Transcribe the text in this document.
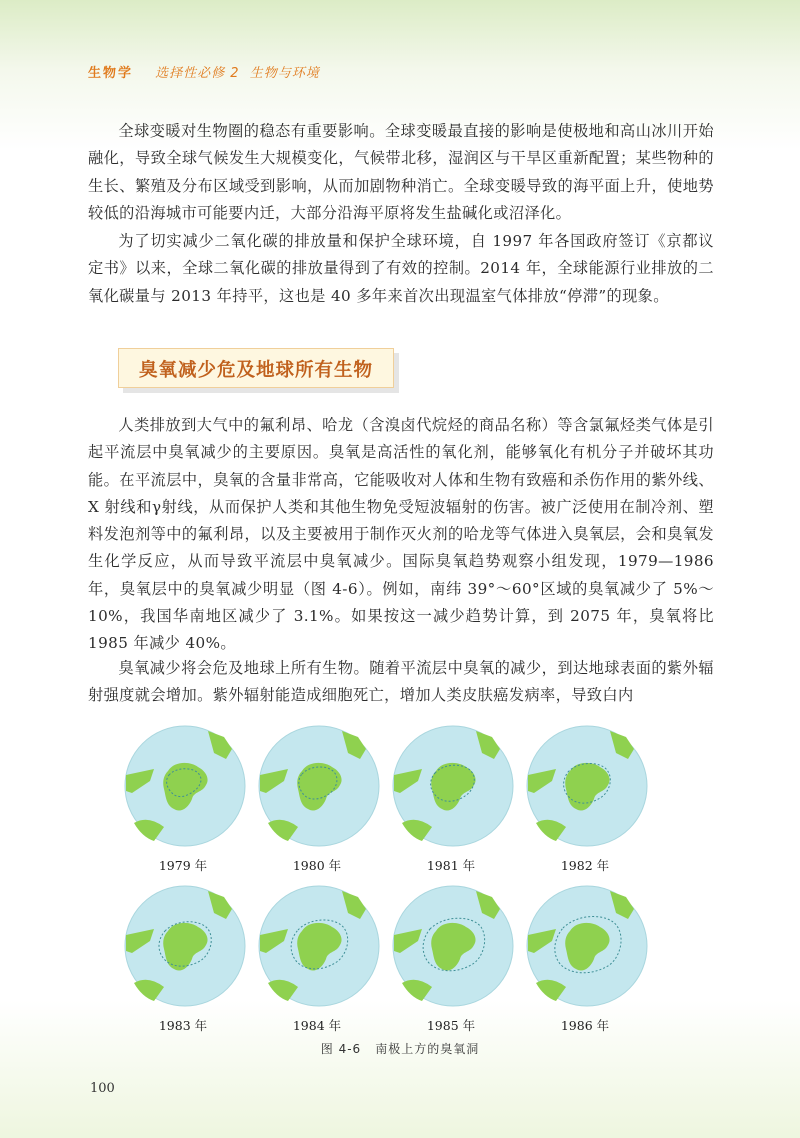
生物学 选择性必修 2 生物与环境

全球变暖对生物圈的稳态有重要影响。全球变暖最直接的影响是使极地和高山冰川开始融化，导致全球气候发生大规模变化，气候带北移，湿润区与干旱区重新配置；某些物种的生长、繁殖及分布区域受到影响，从而加剧物种消亡。全球变暖导致的海平面上升，使地势较低的沿海城市可能要内迁，大部分沿海平原将发生盐碱化或沼泽化。

为了切实减少二氧化碳的排放量和保护全球环境，自 1997 年各国政府签订《京都议定书》以来，全球二氧化碳的排放量得到了有效的控制。2014 年，全球能源行业排放的二氧化碳量与 2013 年持平，这也是 40 多年来首次出现温室气体排放“停滞”的现象。

臭氧减少危及地球所有生物

人类排放到大气中的氟利昂、哈龙（含溴卤代烷烃的商品名称）等含氯氟烃类气体是引起平流层中臭氧减少的主要原因。臭氧是高活性的氧化剂，能够氧化有机分子并破坏其功能。在平流层中，臭氧的含量非常高，它能吸收对人体和生物有致癌和杀伤作用的紫外线、X 射线和γ射线，从而保护人类和其他生物免受短波辐射的伤害。被广泛使用在制冷剂、塑料发泡剂等中的氟利昂，以及主要被用于制作灭火剂的哈龙等气体进入臭氧层，会和臭氧发生化学反应，从而导致平流层中臭氧减少。国际臭氧趋势观察小组发现，1979—1986 年，臭氧层中的臭氧减少明显（图 4-6）。例如，南纬 39°～60°区域的臭氧减少了 5%～10%，我国华南地区减少了 3.1%。如果按这一减少趋势计算，到 2075 年，臭氧将比 1985 年减少 40%。

臭氧减少将会危及地球上所有生物。随着平流层中臭氧的减少，到达地球表面的紫外辐射强度就会增加。紫外辐射能造成细胞死亡，增加人类皮肤癌发病率，导致白内

1979 年	1980 年	1981 年	1982 年
1983 年	1984 年	1985 年	1986 年
图 4-6 南极上方的臭氧洞
100
